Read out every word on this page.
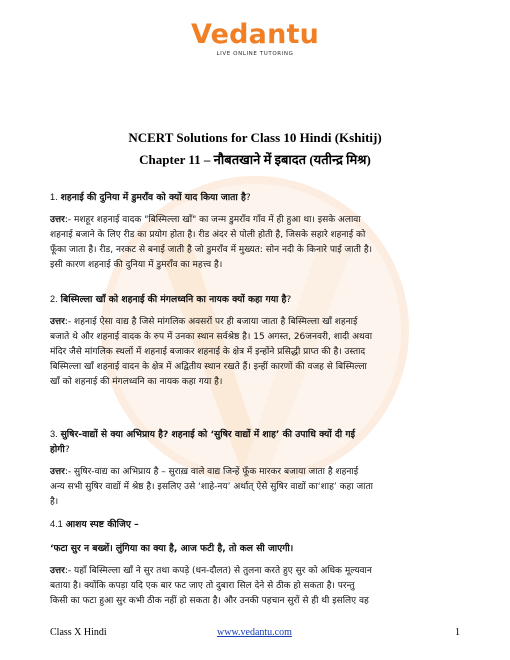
Vedantu
LIVE ONLINE TUTORING
NCERT Solutions for Class 10 Hindi (Kshitij)
Chapter 11 – नौबतखाने में इबादत (यतीन्द्र मिश्र)

1. शहनाई की दुनिया में डुमराँव को क्यों याद किया जाता है?

उत्तर:- मशहूर शहनाई वादक "बिस्मिल्ला खाँ" का जन्म डुमराँव गाँव में ही हुआ था। इसके अलावा
शहनाई बजाने के लिए रीड का प्रयोग होता है। रीड अंदर से पोली होती है, जिसके सहारे शहनाई को
फूँका जाता है। रीड, नरकट से बनाई जाती है जो डुमराँव में मुख्यत: सोन नदी के किनारे पाई जाती है।
इसी कारण शहनाई की दुनिया में डुमराँव का महत्त्व है।

2. बिस्मिल्ला खाँ को शहनाई की मंगलध्वनि का नायक क्यों कहा गया है?

उत्तर:- शहनाई ऐसा वाद्य है जिसे मांगलिक अवसरों पर ही बजाया जाता है बिस्मिल्ला खाँ शहनाई
बजाते थे और शहनाई वादक के रुप में उनका स्थान सर्वश्रेष्ठ है। 15 अगस्त, 26जनवरी, शादी अथवा
मंदिर जैसे मांगलिक स्थलों में शहनाई बजाकर शहनाई के क्षेत्र में इन्होंने प्रसिद्धी प्राप्त की है। उस्ताद
बिस्मिल्ला खाँ शहनाई वादन के क्षेत्र में अद्वितीय स्थान रखते हैं। इन्हीं कारणों की वजह से बिस्मिल्ला
खाँ को शहनाई की मंगलध्वनि का नायक कहा गया है।

3. सुषिर-वाद्यों से क्या अभिप्राय है? शहनाई को ‘सुषिर वाद्यों में शाह’ की उपाधि क्यों दी गई

होगी?

उत्तर:- सुषिर-वाद्य का अभिप्राय है – सुराख़ वाले वाद्य जिन्हें फूँक मारकर बजाया जाता है शहनाई
अन्य सभी सुषिर वाद्यों में श्रेष्ठ है। इसलिए उसे ‘शाहे-नय’ अर्थात् ऐसे सुषिर वाद्यों का‘शाह’ कहा जाता
है।

4.1 आशय स्पष्ट कीजिए –

‘फटा सुर न बख्शें। लुंगिया का क्या है, आज फटी है, तो कल सी जाएगी।

उत्तर:- यहाँ बिस्मिल्ला खाँ ने सुर तथा कपड़े (धन-दौलत) से तुलना करते हुए सुर को अधिक मूल्यवान
बताया है। क्योंकि कपड़ा यदि एक बार फट जाए तो दुबारा सिल देने से ठीक हो सकता है। परन्तु
किसी का फटा हुआ सुर कभी ठीक नहीं हो सकता है। और उनकी पहचान सुरों से ही थी इसलिए वह
Class X Hindi	www.vedantu.com	1
